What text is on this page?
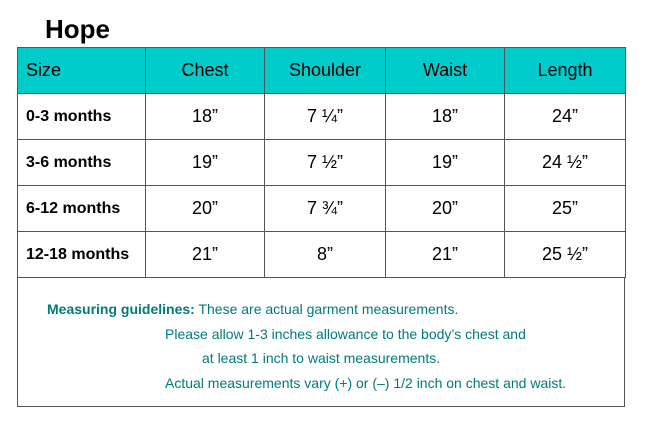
Hope
Size	Chest	Shoulder	Waist	Length
0-3 months	18”	7 ¼”	18”	24”
3-6 months	19”	7 ½”	19”	24 ½”
6-12 months	20”	7 ¾”	20”	25”
12-18 months	21”	8”	21”	25 ½”
Measuring guidelines: These are actual garment measurements.
Please allow 1-3 inches allowance to the body’s chest and
at least 1 inch to waist measurements.
Actual measurements vary (+) or (–) 1/2 inch on chest and waist.
